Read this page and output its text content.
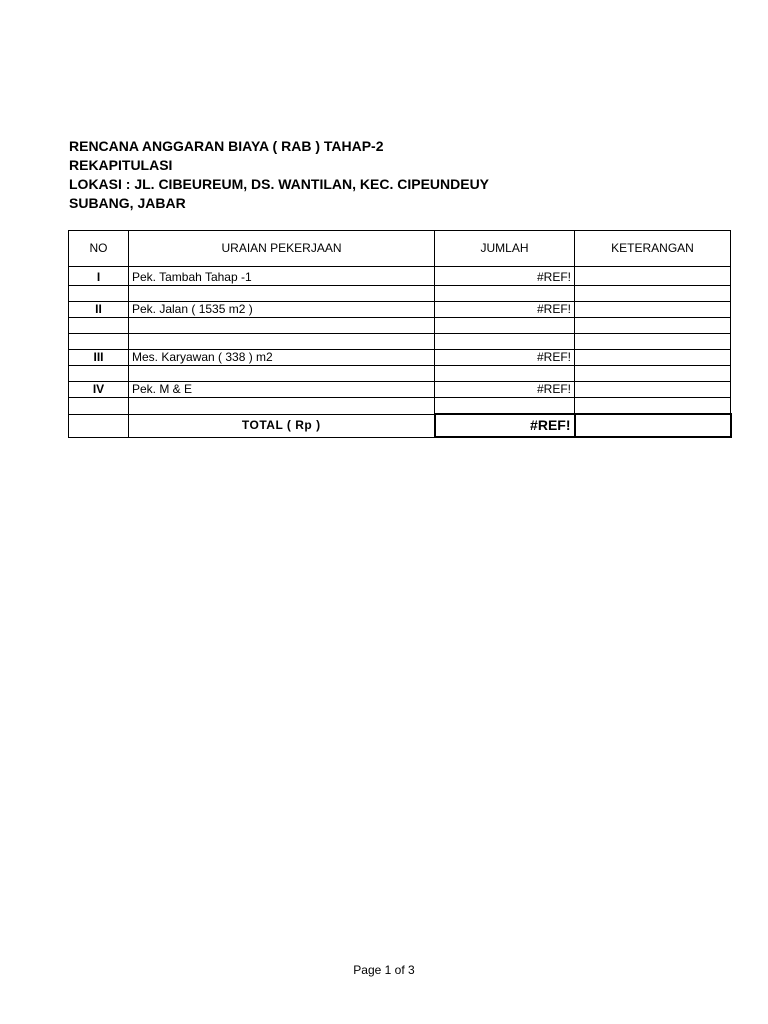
RENCANA ANGGARAN BIAYA ( RAB ) TAHAP-2
REKAPITULASI
LOKASI : JL. CIBEUREUM, DS. WANTILAN, KEC. CIPEUNDEUY
SUBANG, JABAR
NO	URAIAN PEKERJAAN	JUMLAH	KETERANGAN
I	Pek. Tambah Tahap -1	#REF!	

II	Pek. Jalan ( 1535 m2 )	#REF!	

III	Mes. Karyawan ( 338 ) m2	#REF!	

IV	Pek. M & E	#REF!	

	TOTAL ( Rp )	#REF!	
Page 1 of 3
